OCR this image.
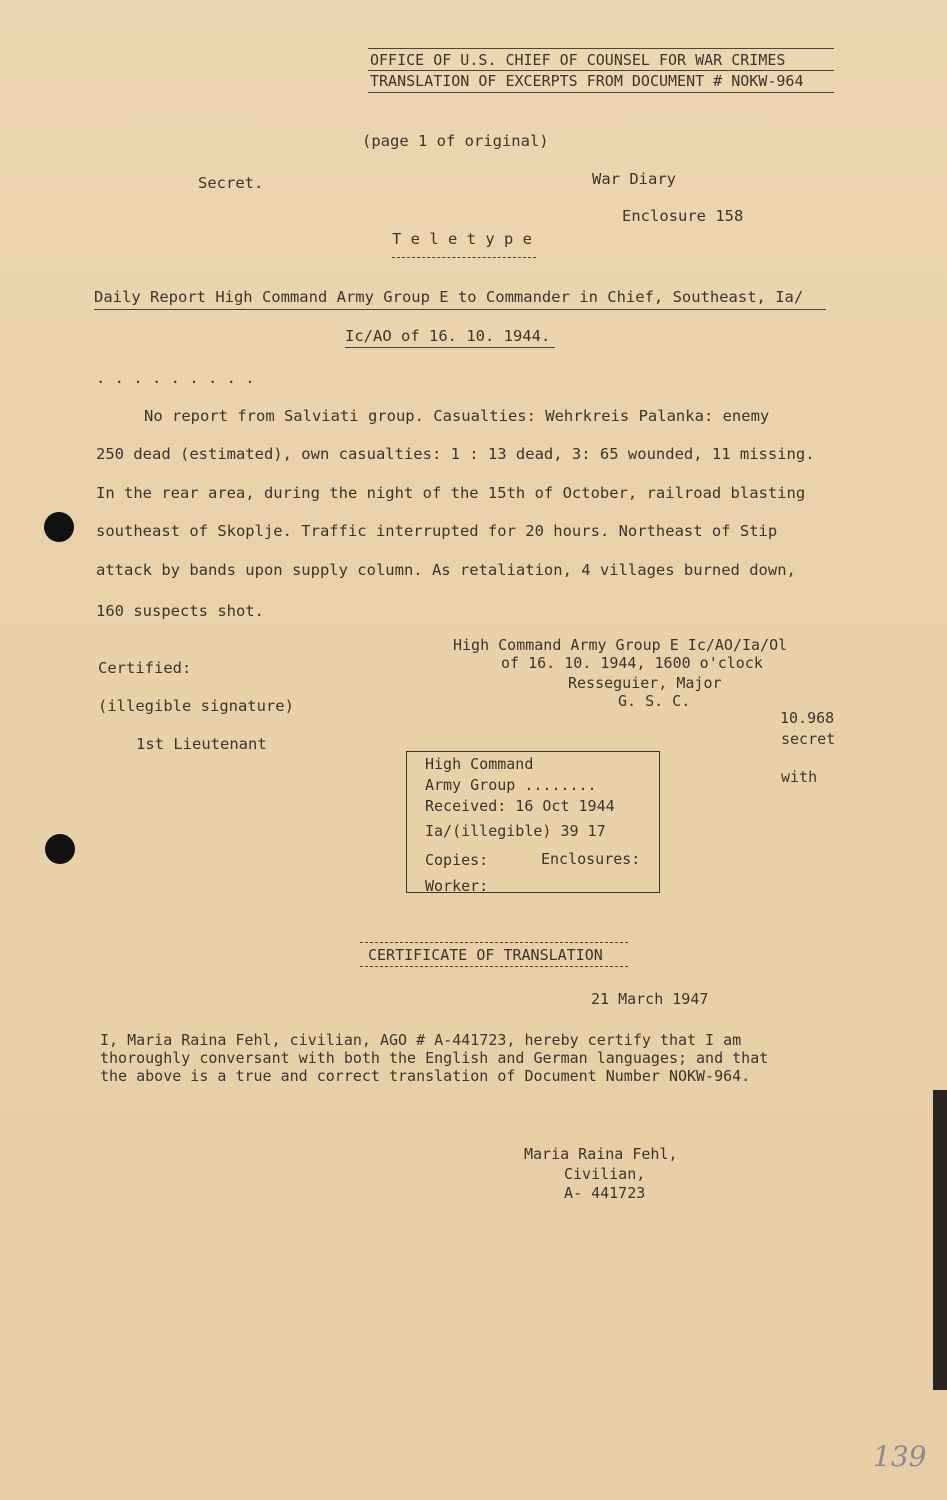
OFFICE OF U.S. CHIEF OF COUNSEL FOR WAR CRIMES
TRANSLATION OF EXCERPTS FROM DOCUMENT # NOKW-964
(page 1 of original)
Secret.	War Diary
Enclosure 158
T e l e t y p e
Daily Report High Command Army Group E to Commander in Chief, Southeast, Ia/
Ic/AO of 16. 10. 1944.
. . . . . . . . .
No report from Salviati group. Casualties: Wehrkreis Palanka: enemy
250 dead (estimated), own casualties: 1 : 13 dead, 3: 65 wounded, 11 missing.
In the rear area, during the night of the 15th of October, railroad blasting
southeast of Skoplje. Traffic interrupted for 20 hours. Northeast of Stip
attack by bands upon supply column. As retaliation, 4 villages burned down,
160 suspects shot.
Certified:
(illegible signature)
1st Lieutenant
High Command Army Group E Ic/AO/Ia/Ol
of 16. 10. 1944, 1600 o'clock
Resseguier, Major
G. S. C.
10.968
secret
with
High Command
Army Group ........
Received: 16 Oct 1944
Ia/(illegible) 39 17
Copies:	Enclosures:
Worker:
CERTIFICATE OF TRANSLATION
21 March 1947
I, Maria Raina Fehl, civilian, AGO # A-441723, hereby certify that I am
thoroughly conversant with both the English and German languages; and that
the above is a true and correct translation of Document Number NOKW-964.
Maria Raina Fehl,
Civilian,
A- 441723
139
